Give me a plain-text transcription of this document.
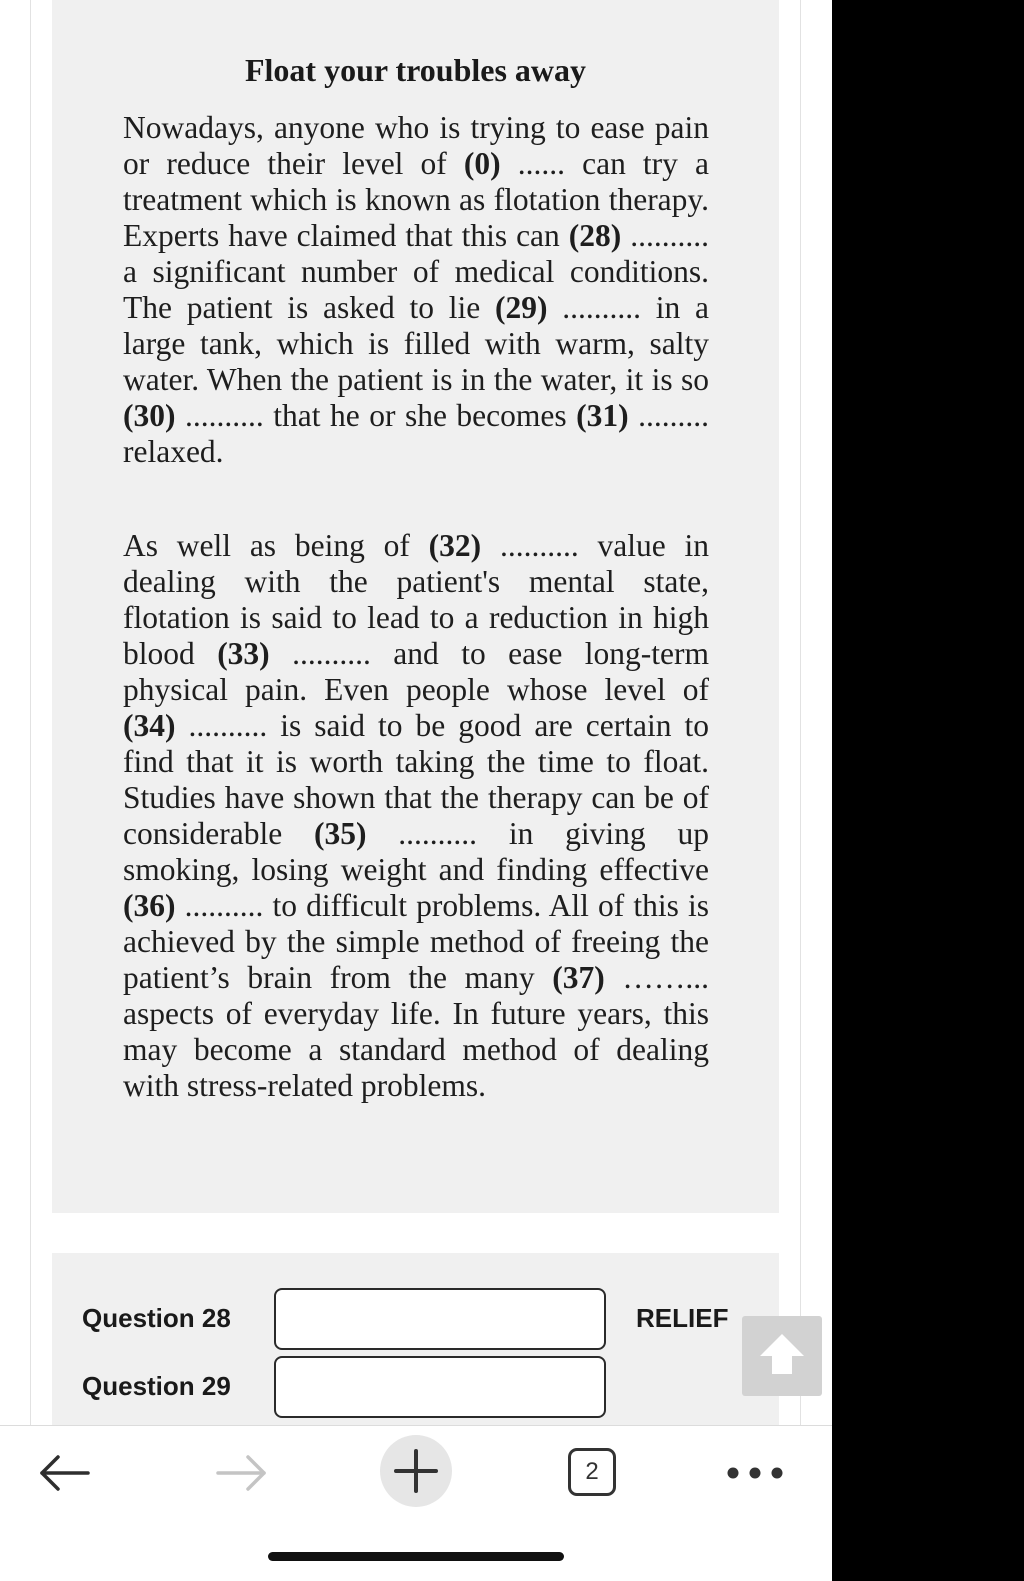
Float your troubles away

Nowadays, anyone who is trying to ease pain or reduce their level of (0) ...... can try a treatment which is known as flotation therapy. Experts have claimed that this can (28) .......... a significant number of medical conditions. The patient is asked to lie (29) .......... in a large tank, which is filled with warm, salty water. When the patient is in the water, it is so (30) .......... that he or she becomes (31) ......... relaxed.

As well as being of (32) .......... value in dealing with the patient's mental state, flotation is said to lead to a reduction in high blood (33) .......... and to ease long-term physical pain. Even people whose level of (34) .......... is said to be good are certain to find that it is worth taking the time to float. Studies have shown that the therapy can be of considerable (35) .......... in giving up smoking, losing weight and finding effective (36) .......... to difficult problems. All of this is achieved by the simple method of freeing the patient’s brain from the many (37) ……... aspects of everyday life. In future years, this may become a standard method of dealing with stress-related problems.

Question 28	RELIEF
Question 29
2
